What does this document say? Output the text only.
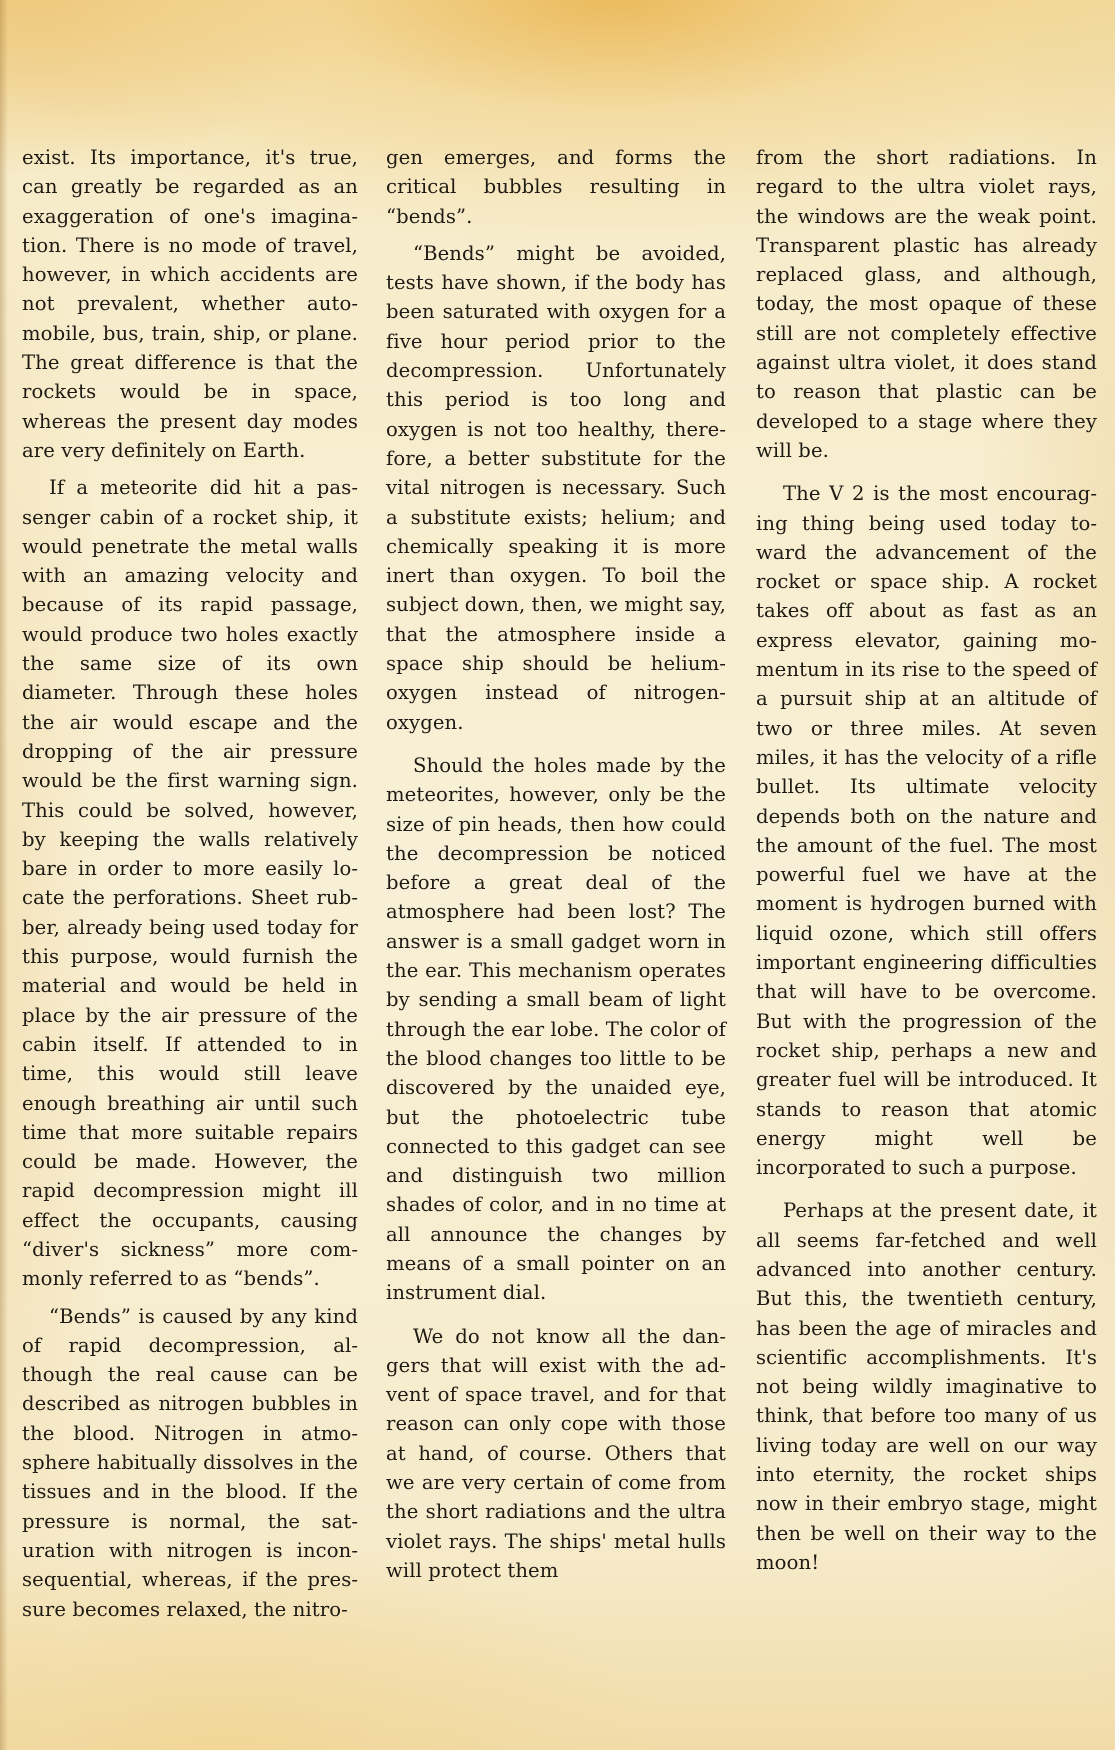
exist. Its importance, it's true, can greatly be regarded as an exaggeration of one's imagination. There is no mode of travel, however, in which accidents are not prevalent, whether automobile, bus, train, ship, or plane. The great difference is that the rockets would be in space, whereas the present day modes are very definitely on Earth.

If a meteorite did hit a passenger cabin of a rocket ship, it would penetrate the metal walls with an amazing velocity and because of its rapid passage, would produce two holes exactly the same size of its own diameter. Through these holes the air would escape and the dropping of the air pressure would be the first warning sign. This could be solved, however, by keeping the walls relatively bare in order to more easily locate the perforations. Sheet rubber, already being used today for this purpose, would furnish the material and would be held in place by the air pressure of the cabin itself. If attended to in time, this would still leave enough breathing air until such time that more suitable repairs could be made. However, the rapid decompression might ill effect the occupants, causing “diver's sickness” more commonly referred to as “bends”.

“Bends” is caused by any kind of rapid decompression, although the real cause can be described as nitrogen bubbles in the blood. Nitrogen in atmosphere habitually dissolves in the tissues and in the blood. If the pressure is normal, the saturation with nitrogen is inconsequential, whereas, if the pressure becomes relaxed, the nitro-

gen emerges, and forms the critical bubbles resulting in “bends”.

“Bends” might be avoided, tests have shown, if the body has been saturated with oxygen for a five hour period prior to the decompression. Unfortunately this period is too long and oxygen is not too healthy, therefore, a better substitute for the vital nitrogen is necessary. Such a substitute exists; helium; and chemically speaking it is more inert than oxygen. To boil the subject down, then, we might say, that the atmosphere inside a space ship should be helium-oxygen instead of nitrogen-oxygen.

Should the holes made by the meteorites, however, only be the size of pin heads, then how could the decompression be noticed before a great deal of the atmosphere had been lost? The answer is a small gadget worn in the ear. This mechanism operates by sending a small beam of light through the ear lobe. The color of the blood changes too little to be discovered by the unaided eye, but the photoelectric tube connected to this gadget can see and distinguish two million shades of color, and in no time at all announce the changes by means of a small pointer on an instrument dial.

We do not know all the dangers that will exist with the advent of space travel, and for that reason can only cope with those at hand, of course. Others that we are very certain of come from the short radiations and the ultra violet rays. The ships' metal hulls will protect them

from the short radiations. In regard to the ultra violet rays, the windows are the weak point. Transparent plastic has already replaced glass, and although, today, the most opaque of these still are not completely effective against ultra violet, it does stand to reason that plastic can be developed to a stage where they will be.

The V 2 is the most encouraging thing being used today toward the advancement of the rocket or space ship. A rocket takes off about as fast as an express elevator, gaining momentum in its rise to the speed of a pursuit ship at an altitude of two or three miles. At seven miles, it has the velocity of a rifle bullet. Its ultimate velocity depends both on the nature and the amount of the fuel. The most powerful fuel we have at the moment is hydrogen burned with liquid ozone, which still offers important engineering difficulties that will have to be overcome. But with the progression of the rocket ship, perhaps a new and greater fuel will be introduced. It stands to reason that atomic energy might well be incorporated to such a purpose.

Perhaps at the present date, it all seems far-fetched and well advanced into another century. But this, the twentieth century, has been the age of miracles and scientific accomplishments. It's not being wildly imaginative to think, that before too many of us living today are well on our way into eternity, the rocket ships now in their embryo stage, might then be well on their way to the moon!
